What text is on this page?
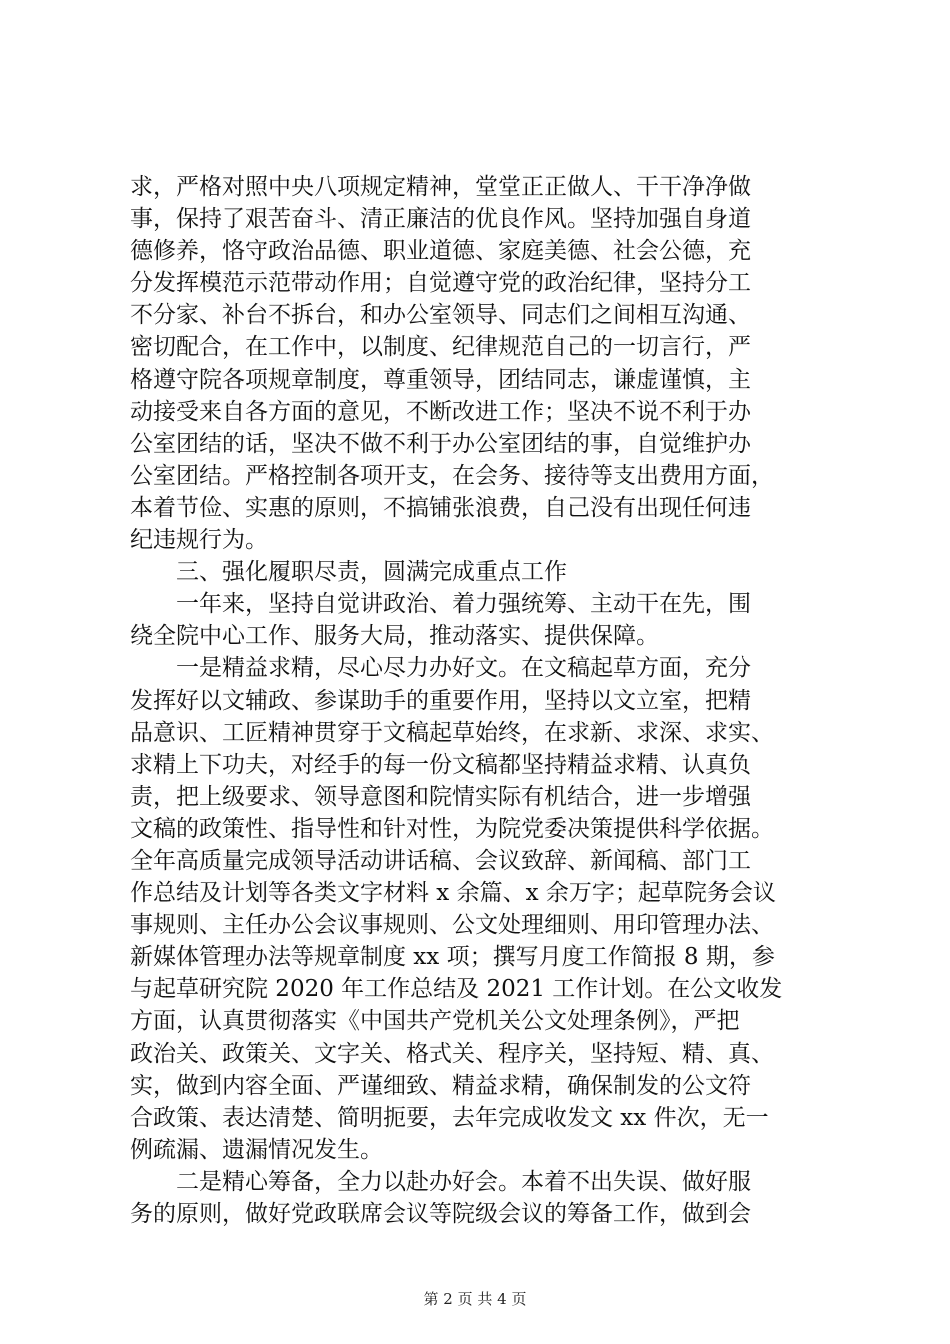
求，严格对照中央八项规定精神，堂堂正正做人、干干净净做
事，保持了艰苦奋斗、清正廉洁的优良作风。坚持加强自身道
德修养，恪守政治品德、职业道德、家庭美德、社会公德，充
分发挥模范示范带动作用；自觉遵守党的政治纪律，坚持分工
不分家、补台不拆台，和办公室领导、同志们之间相互沟通、
密切配合，在工作中，以制度、纪律规范自己的一切言行，严
格遵守院各项规章制度，尊重领导，团结同志，谦虚谨慎，主
动接受来自各方面的意见，不断改进工作；坚决不说不利于办
公室团结的话，坚决不做不利于办公室团结的事，自觉维护办
公室团结。严格控制各项开支，在会务、接待等支出费用方面，
本着节俭、实惠的原则，不搞铺张浪费，自己没有出现任何违
纪违规行为。
　　三、强化履职尽责，圆满完成重点工作
　　一年来，坚持自觉讲政治、着力强统筹、主动干在先，围
绕全院中心工作、服务大局，推动落实、提供保障。
　　一是精益求精，尽心尽力办好文。在文稿起草方面，充分
发挥好以文辅政、参谋助手的重要作用，坚持以文立室，把精
品意识、工匠精神贯穿于文稿起草始终，在求新、求深、求实、
求精上下功夫，对经手的每一份文稿都坚持精益求精、认真负
责，把上级要求、领导意图和院情实际有机结合，进一步增强
文稿的政策性、指导性和针对性，为院党委决策提供科学依据。
全年高质量完成领导活动讲话稿、会议致辞、新闻稿、部门工
作总结及计划等各类文字材料 x 余篇、x 余万字；起草院务会议
事规则、主任办公会议事规则、公文处理细则、用印管理办法、
新媒体管理办法等规章制度 xx 项；撰写月度工作简报 8 期，参
与起草研究院 2020 年工作总结及 2021 工作计划。在公文收发
方面，认真贯彻落实《中国共产党机关公文处理条例》，严把
政治关、政策关、文字关、格式关、程序关，坚持短、精、真、
实，做到内容全面、严谨细致、精益求精，确保制发的公文符
合政策、表达清楚、简明扼要，去年完成收发文 xx 件次，无一
例疏漏、遗漏情况发生。
　　二是精心筹备，全力以赴办好会。本着不出失误、做好服
务的原则，做好党政联席会议等院级会议的筹备工作，做到会
第 2 页 共 4 页
